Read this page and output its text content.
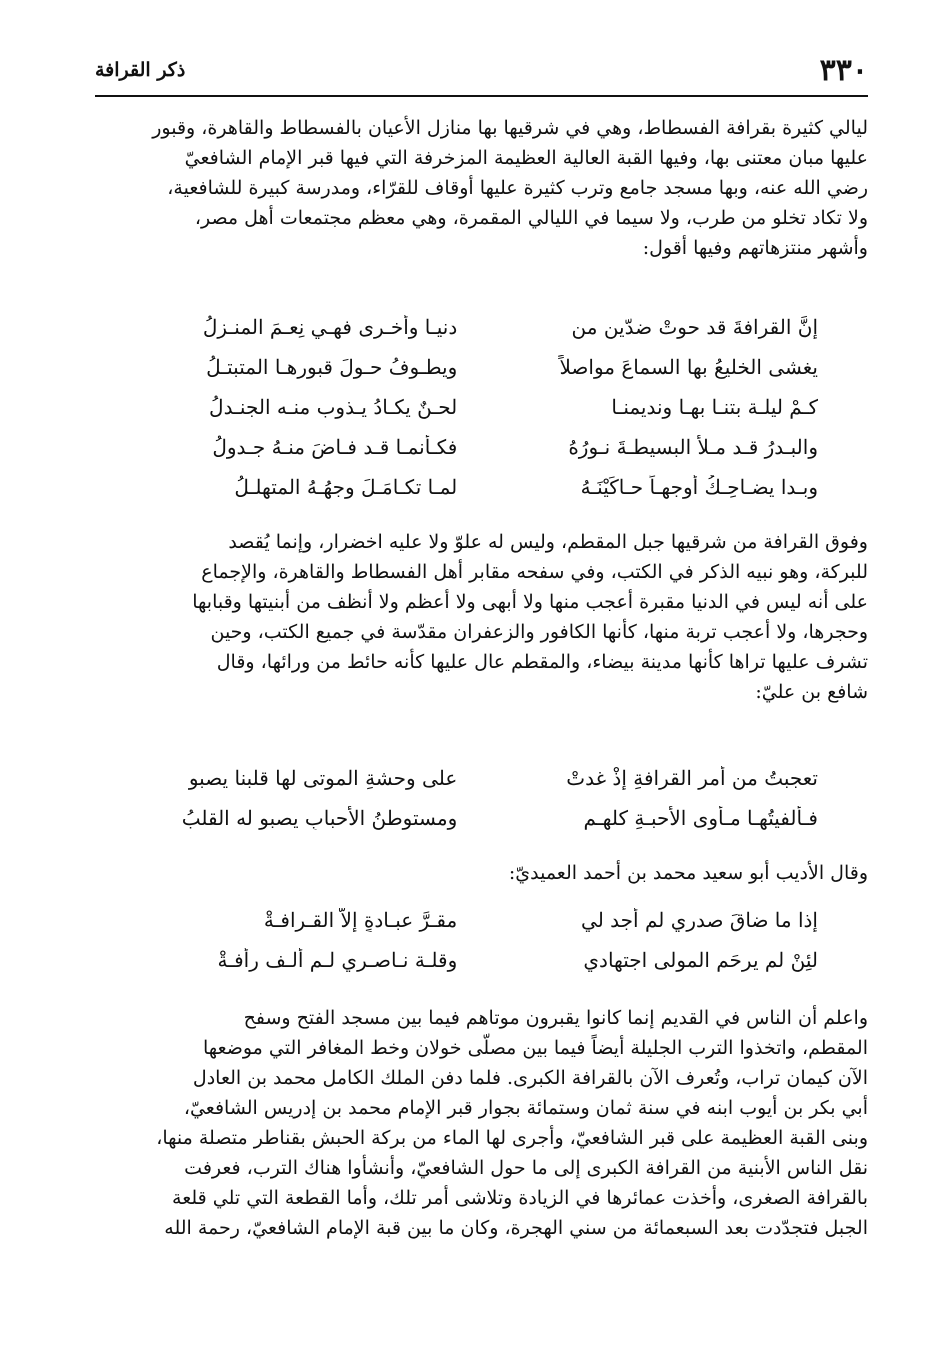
٣٣٠
ذكر القرافة
ليالي كثيرة بقرافة الفسطاط، وهي في شرقيها بها منازل الأعيان بالفسطاط والقاهرة، وقبور
عليها مبان معتنى بها، وفيها القبة العالية العظيمة المزخرفة التي فيها قبر الإمام الشافعيّ
رضي الله عنه، وبها مسجد جامع وترب كثيرة عليها أوقاف للقرّاء، ومدرسة كبيرة للشافعية،
ولا تكاد تخلو من طرب، ولا سيما في الليالي المقمرة، وهي معظم مجتمعات أهل مصر،
وأشهر منتزهاتهم وفيها أقول:
إنَّ القرافةَ قد حوتْ ضدّينِ من
دنيـا وأخـرى فهـي نِعـمَ المنـزلُ
يغشى الخليعُ بها السماعَ مواصلاً
ويطـوفُ حـولَ قبورهـا المتبتـلُ
كـمْ ليلـة بتنـا بهـا ونديمنـا
لحـنٌ يكـادُ يـذوب منـه الجنـدلُ
والبـدرُ قـد مـلأ البسيطـةَ نـورُهُ
فكـأنمـا قـد فـاضَ منـهُ جـدولُ
وبـدا يضـاحِـكُ أوجهـاً حـاكَيْنَـهُ
لمـا تكـامَـلَ وجهُـهُ المتهلـلُ
وفوق القرافة من شرقيها جبل المقطم، وليس له علوّ ولا عليه اخضرار، وإنما يُقصد
للبركة، وهو نبيه الذكر في الكتب، وفي سفحه مقابر أهل الفسطاط والقاهرة، والإجماع
على أنه ليس في الدنيا مقبرة أعجب منها ولا أبهى ولا أعظم ولا أنظف من أبنيتها وقبابها
وحجرها، ولا أعجب تربة منها، كأنها الكافور والزعفران مقدّسة في جميع الكتب، وحين
تشرف عليها تراها كأنها مدينة بيضاء، والمقطم عال عليها كأنه حائط من ورائها، وقال
شافع بن عليّ:
تعجبتُ من أمرِ القرافةِ إذْ غدتْ
على وحشةِ الموتى لها قلبنا يصبو
فـألفيتُهـا مـأوى الأحبـةِ كلهـم
ومستوطنُ الأحبابِ يصبو له القلبُ
وقال الأديب أبو سعيد محمد بن أحمد العميديّ:
إذا ما ضاقَ صدري لم أجد لي
مقـرَّ عبـادةٍ إلاّ القـرافـةْ
لئِنْ لم يرحَمِ المولى اجتهادي
وقلـة نـاصـري لـم ألـف رأفـةْ
واعلم أن الناس في القديم إنما كانوا يقبرون موتاهم فيما بين مسجد الفتح وسفح
المقطم، واتخذوا الترب الجليلة أيضاً فيما بين مصلّى خولان وخط المغافر التي موضعها
الآن كيمان تراب، وتُعرف الآن بالقرافة الكبرى. فلما دفن الملك الكامل محمد بن العادل
أبي بكر بن أيوب ابنه في سنة ثمان وستمائة بجوار قبر الإمام محمد بن إدريس الشافعيّ،
وبنى القبة العظيمة على قبر الشافعيّ، وأجرى لها الماء من بركة الحبش بقناطر متصلة منها،
نقل الناس الأبنية من القرافة الكبرى إلى ما حول الشافعيّ، وأنشأوا هناك الترب، فعرفت
بالقرافة الصغرى، وأخذت عمائرها في الزيادة وتلاشى أمر تلك، وأما القطعة التي تلي قلعة
الجبل فتجدّدت بعد السبعمائة من سني الهجرة، وكان ما بين قبة الإمام الشافعيّ، رحمة الله
